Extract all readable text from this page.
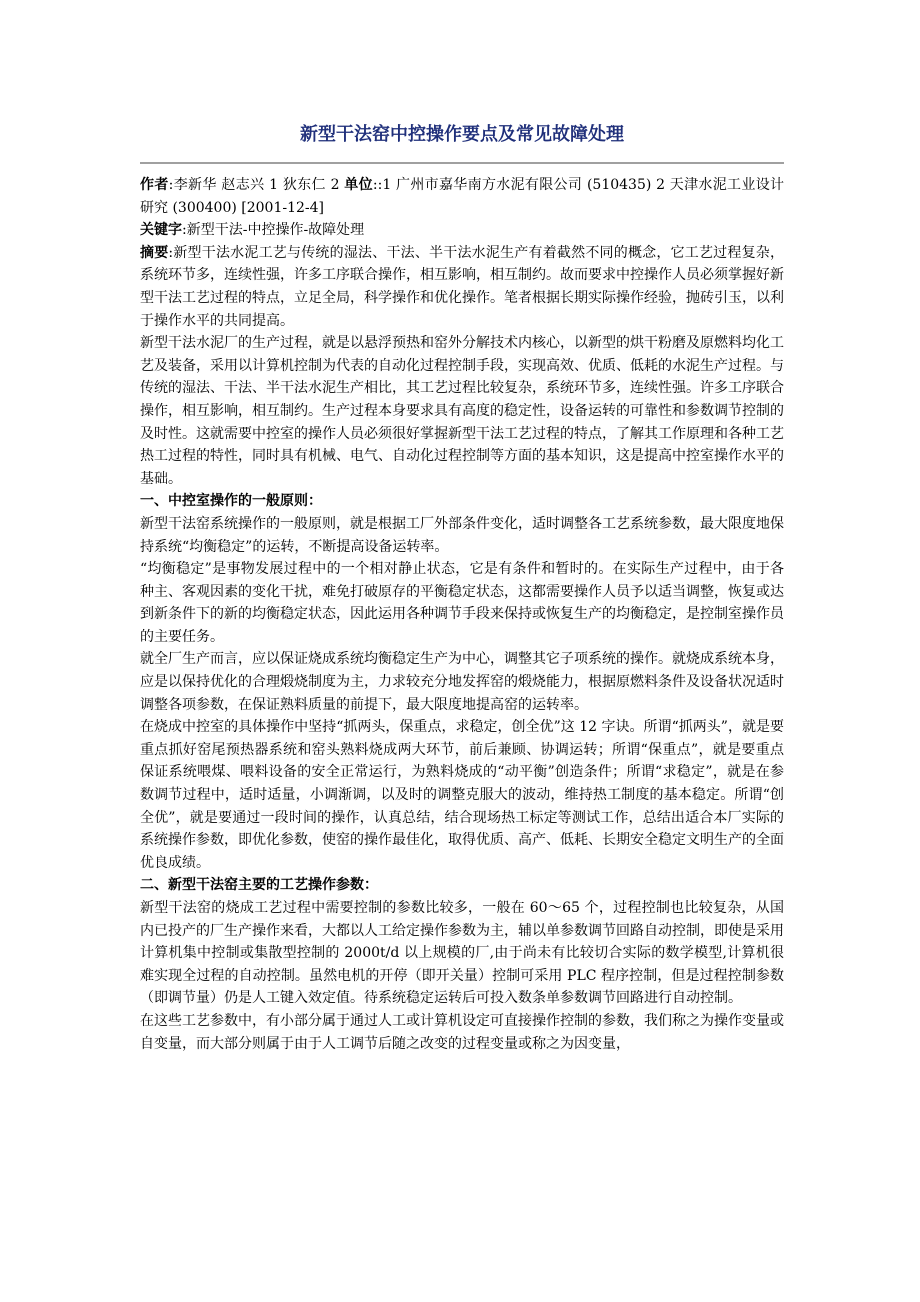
新型干法窑中控操作要点及常见故障处理

作者:李新华 赵志兴 1 狄东仁 2 单位::1 广州市嘉华南方水泥有限公司 (510435) 2 天津水泥工业设计研究 (300400) [2001-12-4]

关键字:新型干法-中控操作-故障处理

摘要:新型干法水泥工艺与传统的湿法、干法、半干法水泥生产有着截然不同的概念，它工艺过程复杂，系统环节多，连续性强，许多工序联合操作，相互影响，相互制约。故而要求中控操作人员必须掌握好新型干法工艺过程的特点，立足全局，科学操作和优化操作。笔者根据长期实际操作经验，抛砖引玉，以利于操作水平的共同提高。

新型干法水泥厂的生产过程，就是以悬浮预热和窑外分解技术内核心，以新型的烘干粉磨及原燃料均化工艺及装备，采用以计算机控制为代表的自动化过程控制手段，实现高效、优质、低耗的水泥生产过程。与传统的湿法、干法、半干法水泥生产相比，其工艺过程比较复杂，系统环节多，连续性强。许多工序联合操作，相互影响，相互制约。生产过程本身要求具有高度的稳定性，设备运转的可靠性和参数调节控制的及时性。这就需要中控室的操作人员必须很好掌握新型干法工艺过程的特点，了解其工作原理和各种工艺热工过程的特性，同时具有机械、电气、自动化过程控制等方面的基本知识，这是提高中控室操作水平的基础。

一、中控室操作的一般原则：

新型干法窑系统操作的一般原则，就是根据工厂外部条件变化，适时调整各工艺系统参数，最大限度地保持系统“均衡稳定”的运转，不断提高设备运转率。

“均衡稳定”是事物发展过程中的一个相对静止状态，它是有条件和暂时的。在实际生产过程中，由于各种主、客观因素的变化干扰，难免打破原存的平衡稳定状态，这都需要操作人员予以适当调整，恢复或达到新条件下的新的均衡稳定状态，因此运用各种调节手段来保持或恢复生产的均衡稳定，是控制室操作员的主要任务。

就全厂生产而言，应以保证烧成系统均衡稳定生产为中心，调整其它子项系统的操作。就烧成系统本身，应是以保持优化的合理煅烧制度为主，力求较充分地发挥窑的煅烧能力，根据原燃料条件及设备状况适时调整各项参数，在保证熟料质量的前提下，最大限度地提高窑的运转率。

在烧成中控室的具体操作中坚持“抓两头，保重点，求稳定，创全优”这 12 字诀。所谓“抓两头”，就是要重点抓好窑尾预热器系统和窑头熟料烧成两大环节，前后兼顾、协调运转；所谓“保重点”，就是要重点保证系统喂煤、喂料设备的安全正常运行，为熟料烧成的“动平衡”创造条件；所谓“求稳定”，就是在参数调节过程中，适时适量，小调渐调，以及时的调整克服大的波动，维持热工制度的基本稳定。所谓“创全优”，就是要通过一段时间的操作，认真总结，结合现场热工标定等测试工作，总结出适合本厂实际的系统操作参数，即优化参数，使窑的操作最佳化，取得优质、高产、低耗、长期安全稳定文明生产的全面优良成绩。

二、新型干法窑主要的工艺操作参数：

新型干法窑的烧成工艺过程中需要控制的参数比较多，一般在 60～65 个，过程控制也比较复杂，从国内已投产的厂生产操作来看，大都以人工给定操作参数为主，辅以单参数调节回路自动控制，即使是采用计算机集中控制或集散型控制的 2000t/d 以上规模的厂,由于尚未有比较切合实际的数学模型,计算机很难实现全过程的自动控制。虽然电机的开停（即开关量）控制可采用 PLC 程序控制，但是过程控制参数（即调节量）仍是人工键入效定值。待系统稳定运转后可投入数条单参数调节回路进行自动控制。

在这些工艺参数中，有小部分属于通过人工或计算机设定可直接操作控制的参数，我们称之为操作变量或自变量，而大部分则属于由于人工调节后随之改变的过程变量或称之为因变量，
